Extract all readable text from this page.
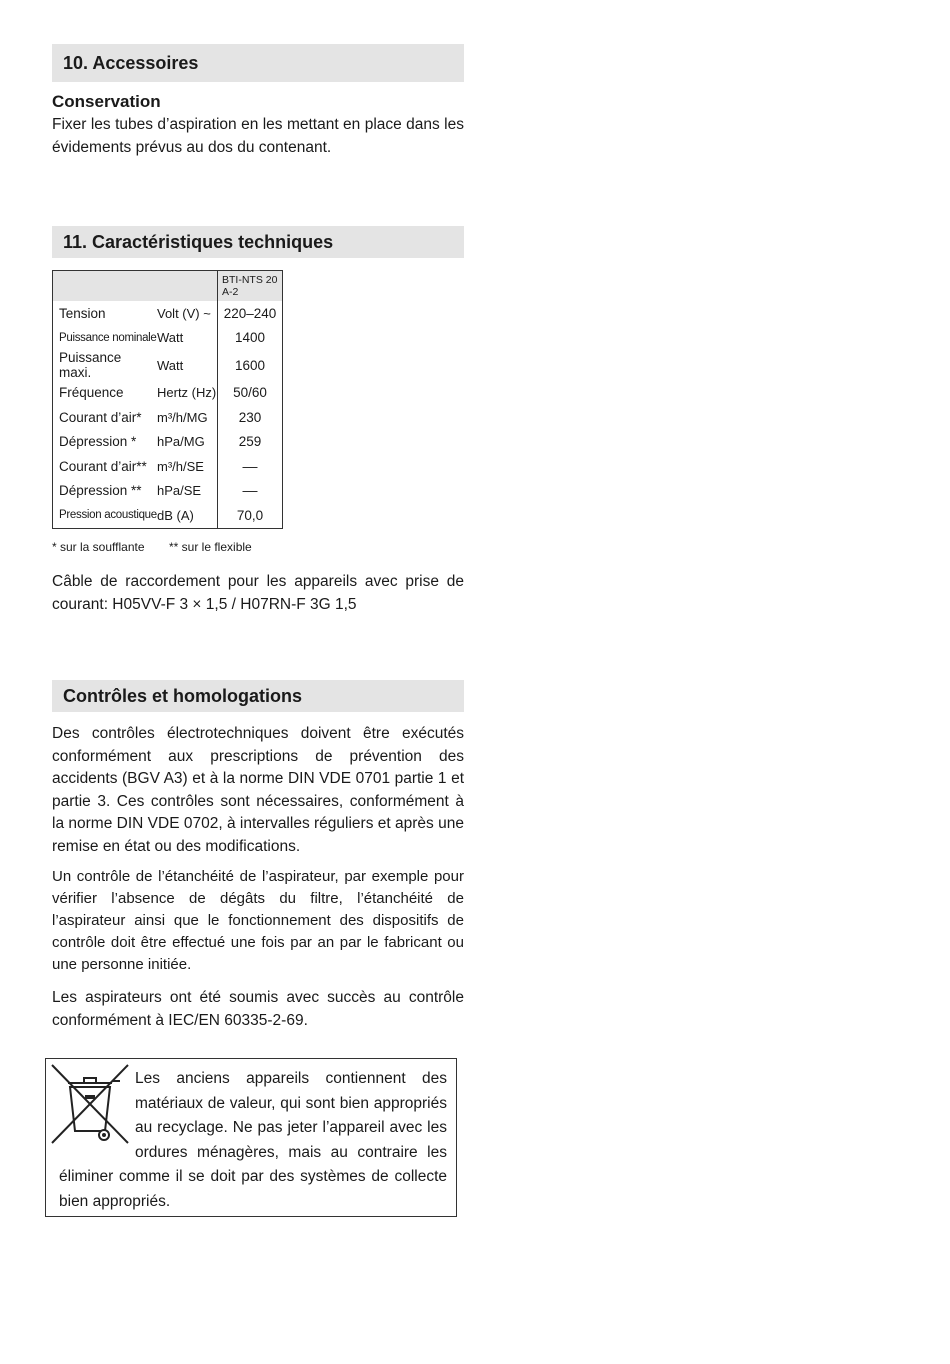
10. Accessoires
Conservation

Fixer les tubes d’aspiration en les mettant en place dans les évidements prévus au dos du contenant.

11. Caractéristiques techniques
		BTI-NTS 20 A-2
Tension	Volt (V) ~	220–240
Puissance nominale	Watt	1400
Puissance maxi.	Watt	1600
Fréquence	Hertz (Hz)	50/60
Courant d’air*	m³/h/MG	230
Dépression *	hPa/MG	259
Courant d’air**	m³/h/SE	––
Dépression **	hPa/SE	––
Pression acoustique	dB (A)	70,0
* sur la soufflante ** sur le flexible

Câble de raccordement pour les appareils avec prise de courant: H05VV-F 3 × 1,5 / H07RN-F 3G 1,5

Contrôles et homologations

Des contrôles électrotechniques doivent être exécutés conformément aux prescriptions de prévention des accidents (BGV A3) et à la norme DIN VDE 0701 partie 1 et partie 3. Ces contrôles sont nécessaires, conformément à la norme DIN VDE 0702, à intervalles réguliers et après une remise en état ou des modifications.

Un contrôle de l’étanchéité de l’aspirateur, par exemple pour vérifier l’absence de dégâts du filtre, l’étanchéité de l’aspirateur ainsi que le fonctionnement des dispositifs de contrôle doit être effectué une fois par an par le fabricant ou une personne initiée.

Les aspirateurs ont été soumis avec succès au contrôle conformément à IEC/EN 60335-2-69.

Les anciens appareils contiennent des matériaux de valeur, qui sont bien appropriés au recyclage. Ne pas jeter l’appareil avec les ordures ménagères, mais au contraire les éliminer comme il se doit par des systèmes de collecte bien appropriés.
